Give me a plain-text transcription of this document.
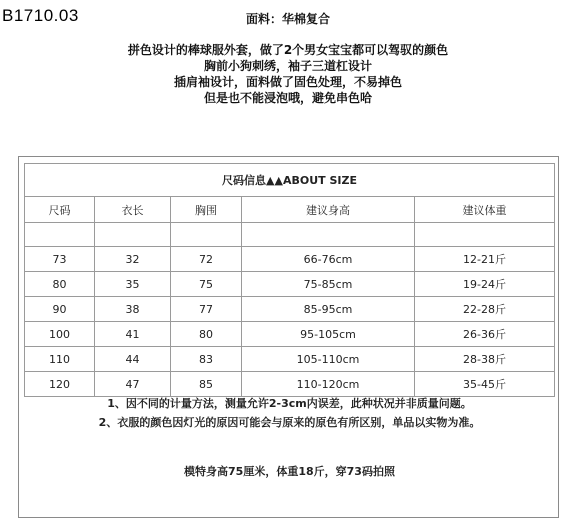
B1710.03	面料：华棉复合
拼色设计的棒球服外套，做了2个男女宝宝都可以驾驭的颜色
胸前小狗刺绣，袖子三道杠设计
插肩袖设计，面料做了固色处理，不易掉色
但是也不能浸泡哦，避免串色哈
尺码信息▲▲ABOUT SIZE				
尺码	衣长	胸围	建议身高	建议体重

73	32	72	66-76cm	12-21斤
80	35	75	75-85cm	19-24斤
90	38	77	85-95cm	22-28斤
100	41	80	95-105cm	26-36斤
110	44	83	105-110cm	28-38斤
120	47	85	110-120cm	35-45斤
1、因不同的计量方法，测量允许2-3cm内误差，此种状况并非质量问题。
2、衣服的颜色因灯光的原因可能会与原来的原色有所区别，单品以实物为准。
模特身高75厘米，体重18斤，穿73码拍照
